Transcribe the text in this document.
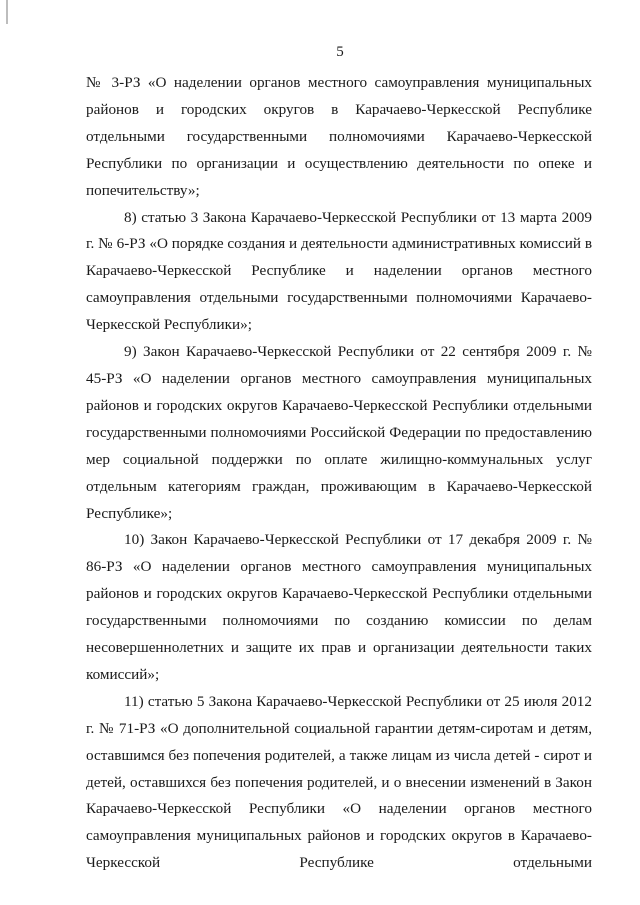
5

№ 3-РЗ «О наделении органов местного самоуправления муниципальных районов и городских округов в Карачаево-Черкесской Республике отдельными государственными полномочиями Карачаево-Черкесской Республики по организации и осуществлению деятельности по опеке и попечительству»;

8) статью 3 Закона Карачаево-Черкесской Республики от 13 марта 2009 г. № 6-РЗ «О порядке создания и деятельности административных комиссий в Карачаево-Черкесской Республике и наделении органов местного самоуправления отдельными государственными полномочиями Карачаево-Черкесской Республики»;

9) Закон Карачаево-Черкесской Республики от 22 сентября 2009 г. № 45-РЗ «О наделении органов местного самоуправления муниципальных районов и городских округов Карачаево-Черкесской Республики отдельными государственными полномочиями Российской Федерации по предоставлению мер социальной поддержки по оплате жилищно-коммунальных услуг отдельным категориям граждан, проживающим в Карачаево-Черкесской Республике»;

10) Закон Карачаево-Черкесской Республики от 17 декабря 2009 г. № 86-РЗ «О наделении органов местного самоуправления муниципальных районов и городских округов Карачаево-Черкесской Республики отдельными государственными полномочиями по созданию комиссии по делам несовершеннолетних и защите их прав и организации деятельности таких комиссий»;

11) статью 5 Закона Карачаево-Черкесской Республики от 25 июля 2012 г. № 71-РЗ «О дополнительной социальной гарантии детям-сиротам и детям, оставшимся без попечения родителей, а также лицам из числа детей - сирот и детей, оставшихся без попечения родителей, и о внесении изменений в Закон Карачаево-Черкесской Республики «О наделении органов местного самоуправления муниципальных районов и городских округов в Карачаево-Черкесской Республике отдельными
